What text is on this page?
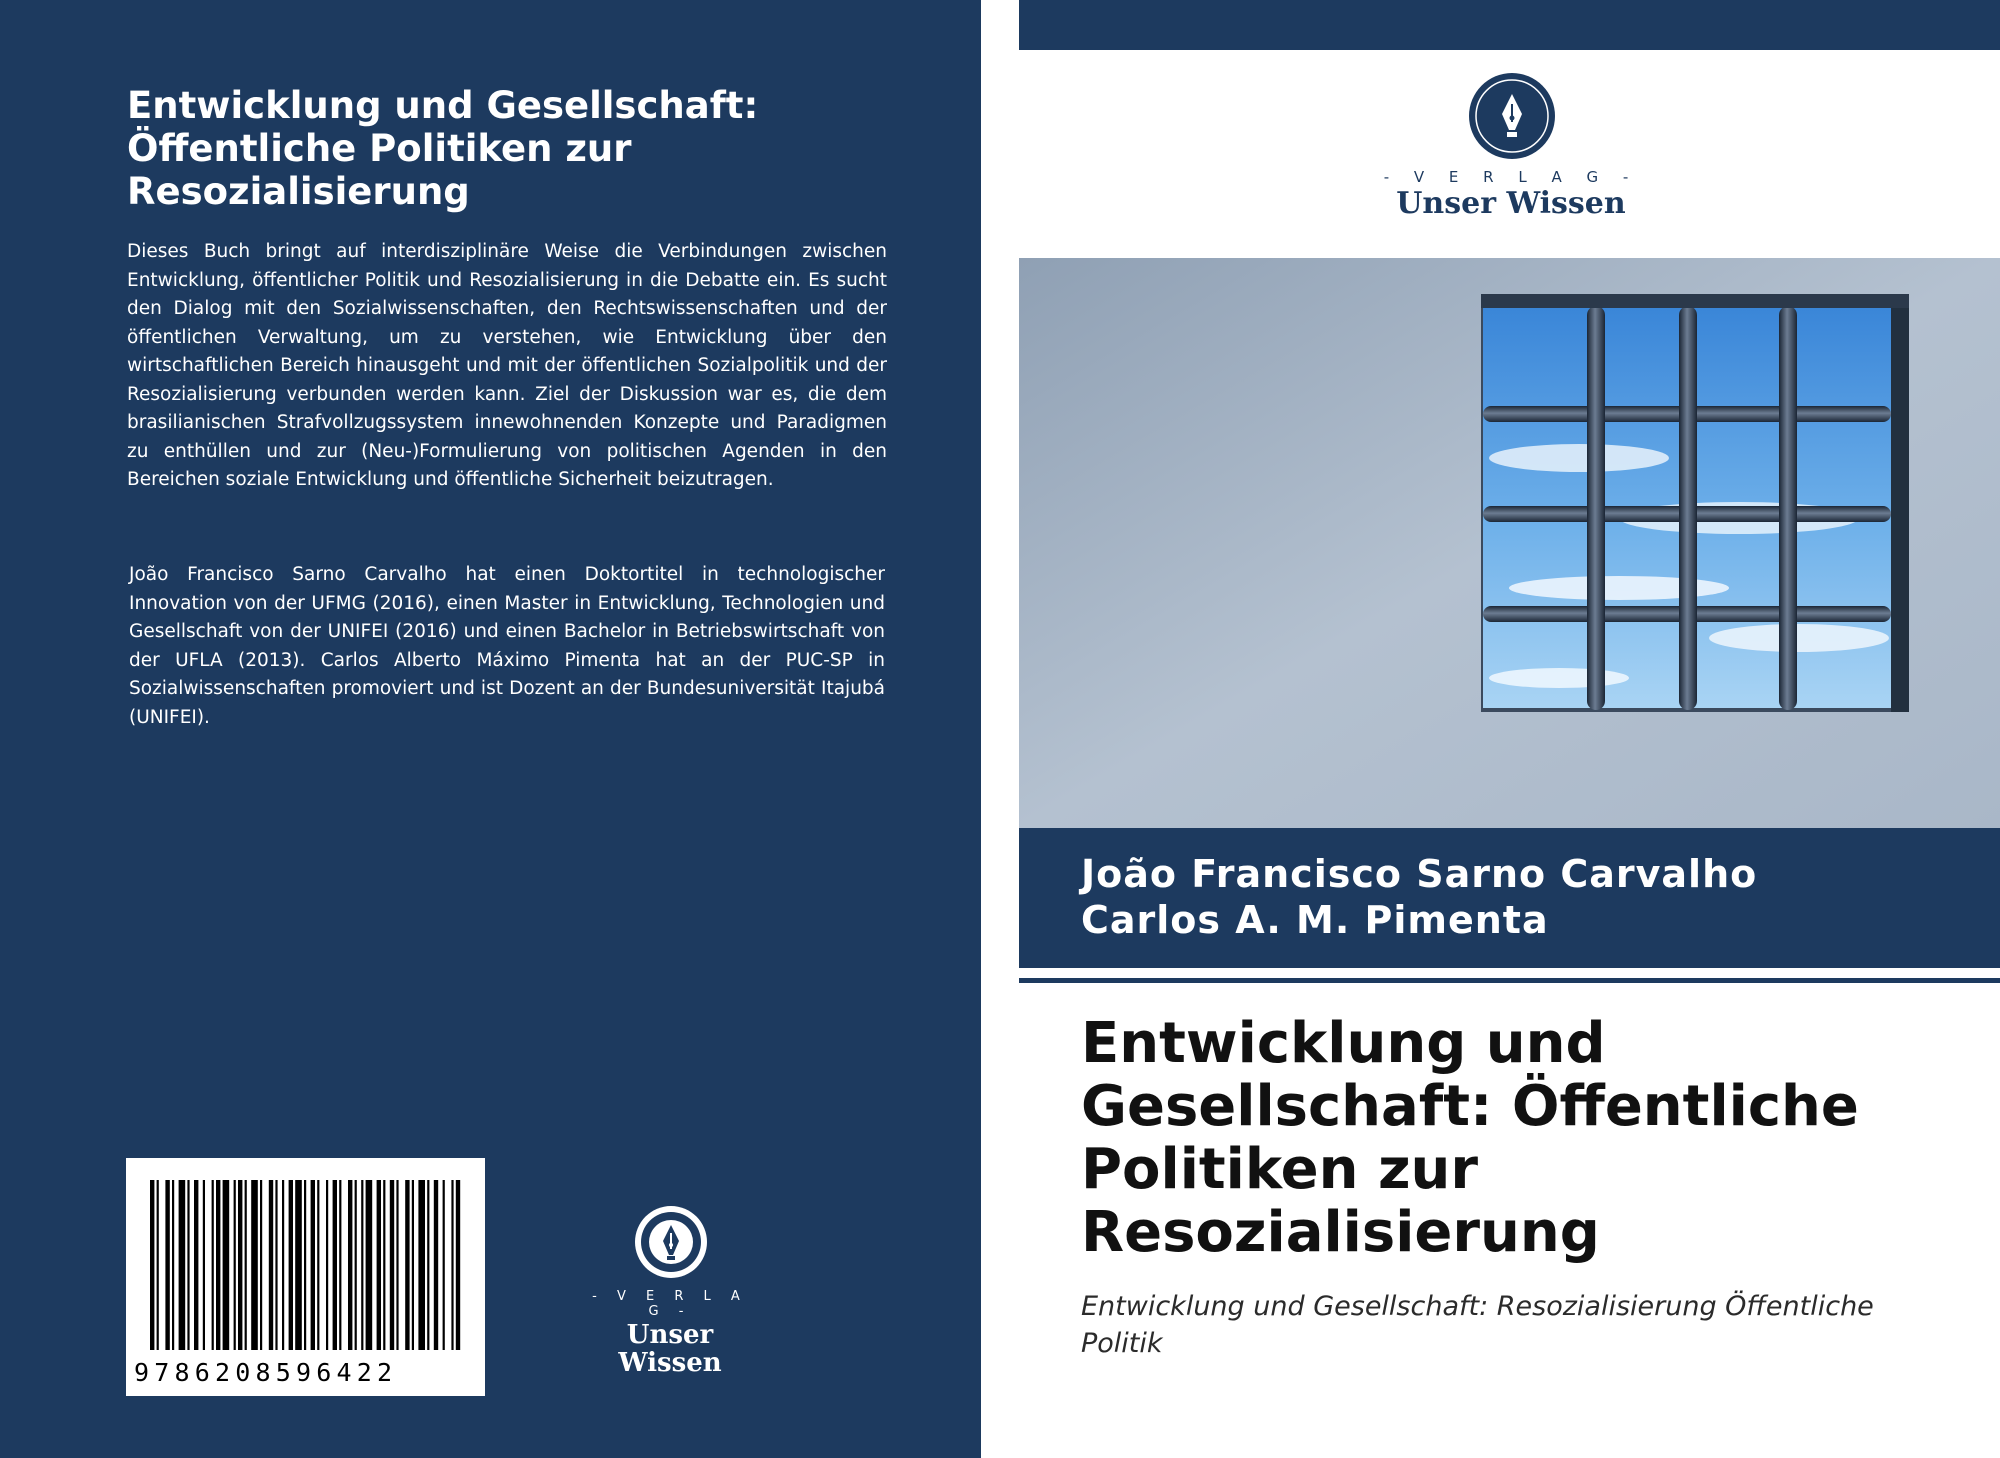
Entwicklung und Gesellschaft: Öffentliche Politiken zur Resozialisierung

Dieses Buch bringt auf interdisziplinäre Weise die Verbindungen zwischen Entwicklung, öffentlicher Politik und Resozialisierung in die Debatte ein. Es sucht den Dialog mit den Sozialwissenschaften, den Rechtswissenschaften und der öffentlichen Verwaltung, um zu verstehen, wie Entwicklung über den wirtschaftlichen Bereich hinausgeht und mit der öffentlichen Sozialpolitik und der Resozialisierung verbunden werden kann. Ziel der Diskussion war es, die dem brasilianischen Strafvollzugssystem innewohnenden Konzepte und Paradigmen zu enthüllen und zur (Neu-)Formulierung von politischen Agenden in den Bereichen soziale Entwicklung und öffentliche Sicherheit beizutragen.

João Francisco Sarno Carvalho hat einen Doktortitel in technologischer Innovation von der UFMG (2016), einen Master in Entwicklung, Technologien und Gesellschaft von der UNIFEI (2016) und einen Bachelor in Betriebswirtschaft von der UFLA (2013). Carlos Alberto Máximo Pimenta hat an der PUC-SP in Sozialwissenschaften promoviert und ist Dozent an der Bundesuniversität Itajubá (UNIFEI).

9786208596422
- V E R L A G -
Unser Wissen
- V E R L A G -
Unser Wissen
João Francisco Sarno Carvalho
Carlos A. M. Pimenta
Entwicklung und Gesellschaft: Öffentliche Politiken zur Resozialisierung

Entwicklung und Gesellschaft: Resozialisierung Öffentliche Politik
